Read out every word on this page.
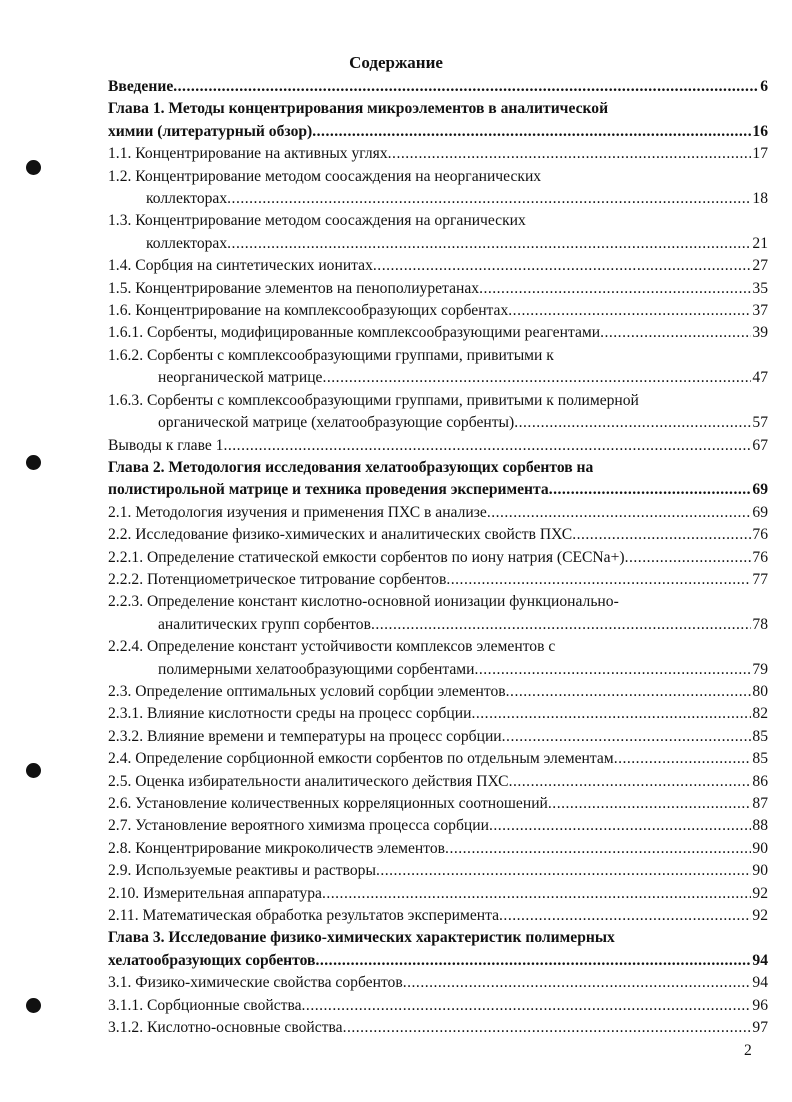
Содержание
Введение .....	6
Глава 1. Методы концентрирования микроэлементов в аналитической
химии (литературный обзор) .....	16
1.1. Концентрирование на активных углях .....	17
1.2. Концентрирование методом соосаждения на неорганических
коллекторах .....	18
1.3. Концентрирование методом соосаждения на органических
коллекторах .....	21
1.4. Сорбция на синтетических ионитах .....	27
1.5. Концентрирование элементов на пенополиуретанах .....	35
1.6. Концентрирование на комплексообразующих сорбентах .....	37
1.6.1. Сорбенты, модифицированные комплексообразующими реагентами .....	39
1.6.2. Сорбенты с комплексообразующими группами, привитыми к
неорганической матрице .....	47
1.6.3. Сорбенты с комплексообразующими группами, привитыми к полимерной
органической матрице (хелатообразующие сорбенты) .....	57
Выводы к главе 1 .....	67
Глава 2. Методология исследования хелатообразующих сорбентов на
полистирольной матрице и техника проведения эксперимента .....	69
2.1. Методология изучения и применения ПХС в анализе .....	69
2.2. Исследование физико-химических и аналитических свойств ПХС .....	76
2.2.1. Определение статической емкости сорбентов по иону натрия (CECNa+) .....	76
2.2.2. Потенциометрическое титрование сорбентов .....	77
2.2.3. Определение констант кислотно-основной ионизации функционально-
аналитических групп сорбентов .....	78
2.2.4. Определение констант устойчивости комплексов элементов с
полимерными хелатообразующими сорбентами .....	79
2.3. Определение оптимальных условий сорбции элементов .....	80
2.3.1. Влияние кислотности среды на процесс сорбции .....	82
2.3.2. Влияние времени и температуры на процесс сорбции .....	85
2.4. Определение сорбционной емкости сорбентов по отдельным элементам .....	85
2.5. Оценка избирательности аналитического действия ПХС .....	86
2.6. Установление количественных корреляционных соотношений .....	87
2.7. Установление вероятного химизма процесса сорбции .....	88
2.8. Концентрирование микроколичеств элементов .....	90
2.9. Используемые реактивы и растворы .....	90
2.10. Измерительная аппаратура .....	92
2.11. Математическая обработка результатов эксперимента .....	92
Глава 3. Исследование физико-химических характеристик полимерных
хелатообразующих сорбентов .....	94
3.1. Физико-химические свойства сорбентов .....	94
3.1.1. Сорбционные свойства .....	96
3.1.2. Кислотно-основные свойства .....	97
2
